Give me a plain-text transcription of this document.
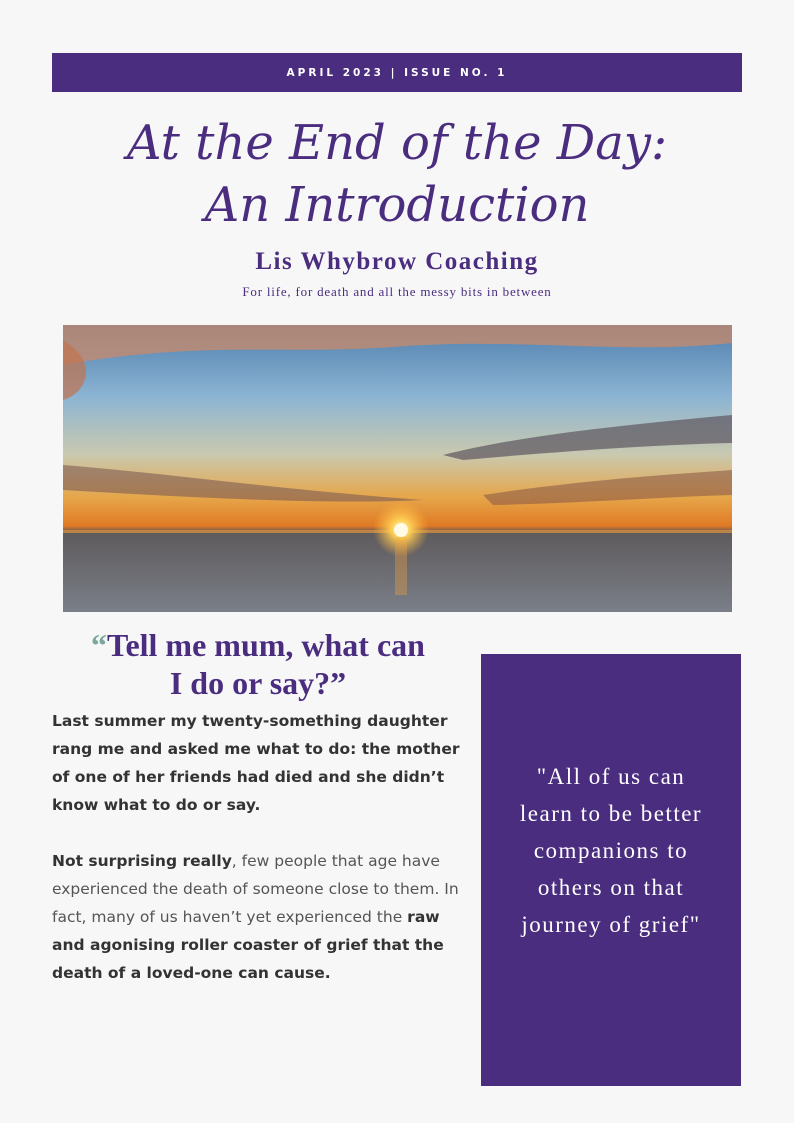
APRIL 2023 | ISSUE NO. 1
At the End of the Day:
An Introduction
Lis Whybrow Coaching
For life, for death and all the messy bits in between
“Tell me mum, what can
I do or say?”

Last summer my twenty-something daughter rang me and asked me what to do: the mother of one of her friends had died and she didn’t know what to do or say.

Not surprising really, few people that age have experienced the death of someone close to them. In fact, many of us haven’t yet experienced the raw and agonising roller coaster of grief that the death of a loved-one can cause.

"All of us can
learn to be better
companions to
others on that
journey of grief"
